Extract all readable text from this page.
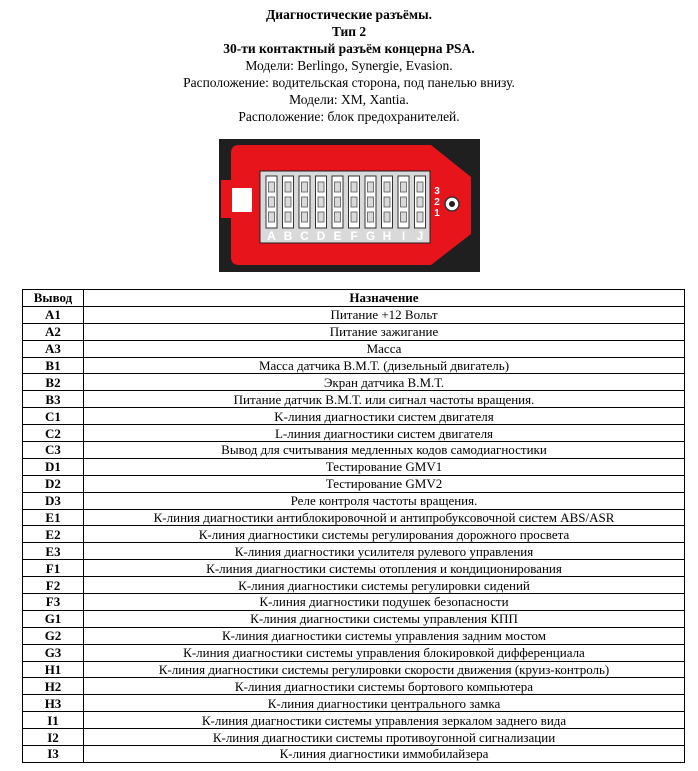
Диагностические разъёмы.
Тип 2
30-ти контактный разъём концерна PSA.
Модели: Berlingo, Synergie, Evasion.
Расположение: водительская сторона, под панелью внизу.
Модели: XM, Xantia.
Расположение: блок предохранителей.
A B C D E F G H I J
3
2
1
Вывод	Назначение
A1	Питание +12 Вольт
A2	Питание зажигание
A3	Масса
B1	Масса датчика В.М.Т. (дизельный двигатель)
B2	Экран датчика В.М.Т.
B3	Питание датчик В.М.Т. или сигнал частоты вращения.
C1	K-линия диагностики систем двигателя
C2	L-линия диагностики систем двигателя
C3	Вывод для считывания медленных кодов самодиагностики
D1	Тестирование GMV1
D2	Тестирование GMV2
D3	Реле контроля частоты вращения.
E1	К-линия диагностики антиблокировочной и антипробуксовочной систем ABS/ASR
E2	К-линия диагностики системы регулирования дорожного просвета
E3	К-линия диагностики усилителя рулевого управления
F1	К-линия диагностики системы отопления и кондиционирования
F2	К-линия диагностики системы регулировки сидений
F3	К-линия диагностики подушек безопасности
G1	К-линия диагностики системы управления КПП
G2	К-линия диагностики системы управления задним мостом
G3	К-линия диагностики системы управления блокировкой дифференциала
H1	К-линия диагностики системы регулировки скорости движения (круиз-контроль)
H2	К-линия диагностики системы бортового компьютера
H3	К-линия диагностики центрального замка
I1	К-линия диагностики системы управления зеркалом заднего вида
I2	К-линия диагностики системы противоугонной сигнализации
I3	К-линия диагностики иммобилайзера
